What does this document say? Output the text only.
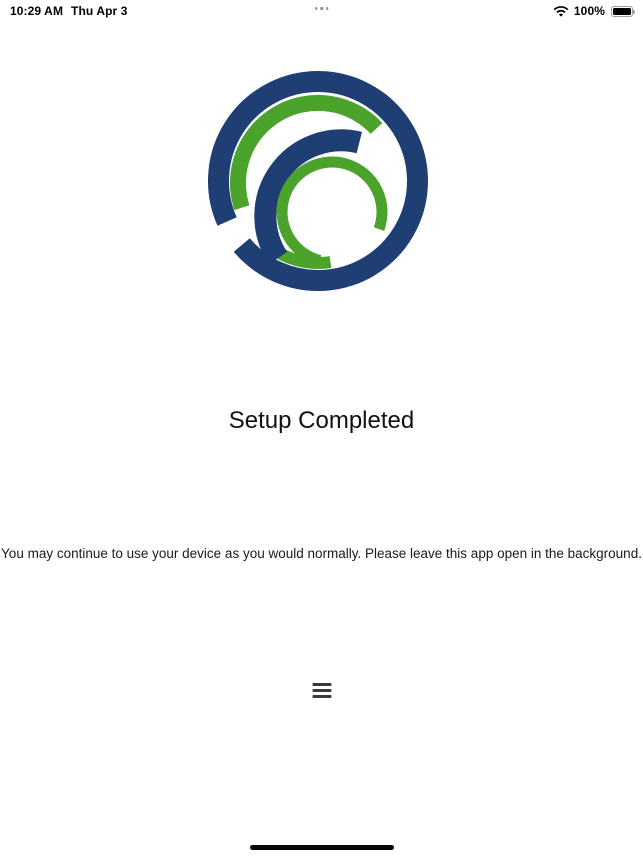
10:29 AM Thu Apr 3	100%
Setup Completed

You may continue to use your device as you would normally. Please leave this app open in the background.
